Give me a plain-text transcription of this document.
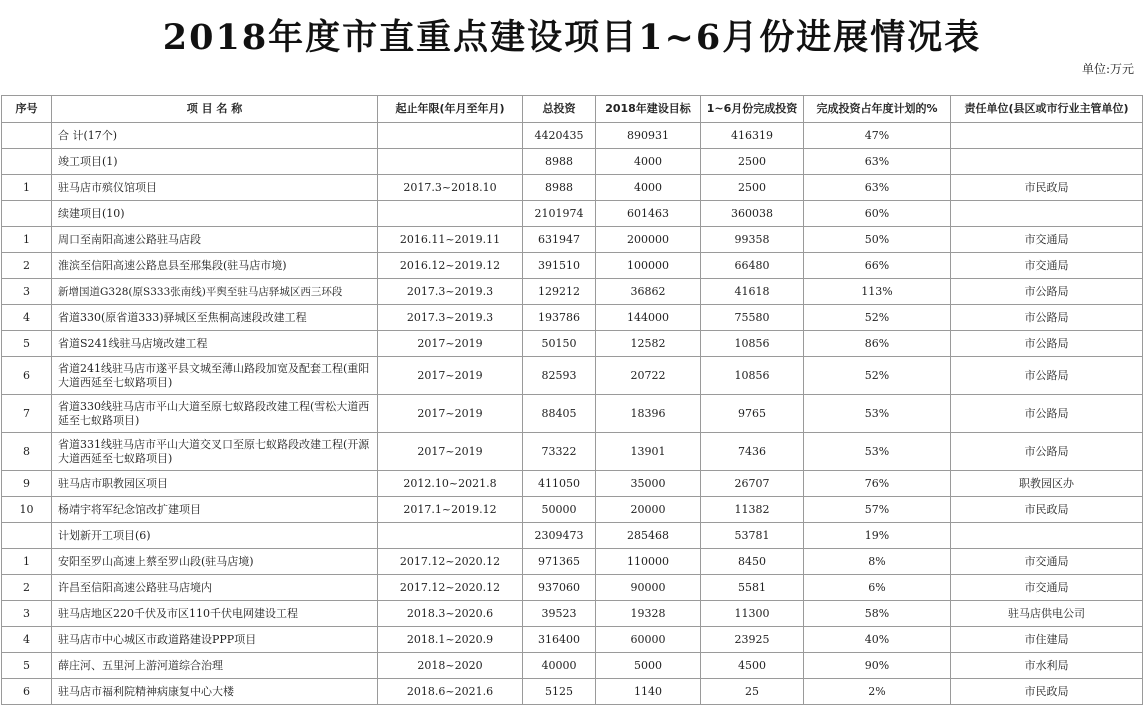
2018年度市直重点建设项目1~6月份进展情况表
单位:万元
序号	项 目 名 称	起止年限(年月至年月)	总投资	2018年建设目标	1~6月份完成投资	完成投资占年度计划的%	责任单位(县区或市行业主管单位)
	合 计(17个)		4420435	890931	416319	47%	
	竣工项目(1)		8988	4000	2500	63%	
1	驻马店市殡仪馆项目	2017.3~2018.10	8988	4000	2500	63%	市民政局
	续建项目(10)		2101974	601463	360038	60%	
1	周口至南阳高速公路驻马店段	2016.11~2019.11	631947	200000	99358	50%	市交通局
2	淮滨至信阳高速公路息县至邢集段(驻马店市境)	2016.12~2019.12	391510	100000	66480	66%	市交通局
3	新增国道G328(原S333张南线)平舆至驻马店驿城区西三环段	2017.3~2019.3	129212	36862	41618	113%	市公路局
4	省道330(原省道333)驿城区至焦桐高速段改建工程	2017.3~2019.3	193786	144000	75580	52%	市公路局
5	省道S241线驻马店境改建工程	2017~2019	50150	12582	10856	86%	市公路局
6	省道241线驻马店市遂平县文城至薄山路段加宽及配套工程(重阳大道西延至七蚁路项目)	2017~2019	82593	20722	10856	52%	市公路局
7	省道330线驻马店市平山大道至原七蚁路段改建工程(雪松大道西延至七蚁路项目)	2017~2019	88405	18396	9765	53%	市公路局
8	省道331线驻马店市平山大道交叉口至原七蚁路段改建工程(开源大道西延至七蚁路项目)	2017~2019	73322	13901	7436	53%	市公路局
9	驻马店市职教园区项目	2012.10~2021.8	411050	35000	26707	76%	职教园区办
10	杨靖宇将军纪念馆改扩建项目	2017.1~2019.12	50000	20000	11382	57%	市民政局
	计划新开工项目(6)		2309473	285468	53781	19%	
1	安阳至罗山高速上蔡至罗山段(驻马店境)	2017.12~2020.12	971365	110000	8450	8%	市交通局
2	许昌至信阳高速公路驻马店境内	2017.12~2020.12	937060	90000	5581	6%	市交通局
3	驻马店地区220千伏及市区110千伏电网建设工程	2018.3~2020.6	39523	19328	11300	58%	驻马店供电公司
4	驻马店市中心城区市政道路建设PPP项目	2018.1~2020.9	316400	60000	23925	40%	市住建局
5	薛庄河、五里河上游河道综合治理	2018~2020	40000	5000	4500	90%	市水利局
6	驻马店市福利院精神病康复中心大楼	2018.6~2021.6	5125	1140	25	2%	市民政局
